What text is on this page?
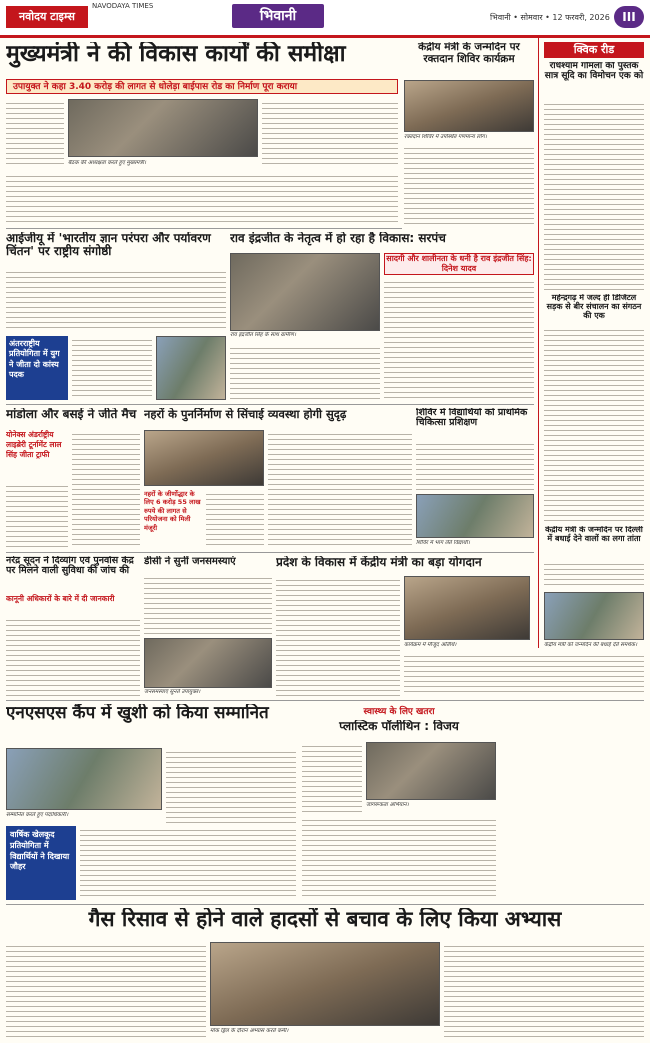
नवोदय टाइम्स
NAVODAYA TIMES
भिवानी	भिवानी • सोमवार • 12 फरवरी, 2026	III
मुख्यमंत्री ने की विकास कार्यों की समीक्षा
उपायुक्त ने कहा 3.40 करोड़ की लागत से धोलेड़ा बाईपास रोड का निर्माण पूरा कराया
बैठक की अध्यक्षता करते हुए मुख्यमंत्री।
केंद्रीय मंत्री के जन्मदिन पर रक्तदान शिविर कार्यक्रम
रक्तदान शिविर में उपस्थित गणमान्य लोग।
क्विक रीड
राधेश्याम गोमला की पुस्तक सात्र सूदि का विमोचन एक को
महेन्द्रगढ़ में जल्द ही डिजिटल सड़क से बीर संचालन का संगठन की एक
केंद्रीय मंत्री के जन्मदिन पर दिल्ली में बधाई देने वालों का लगा तांता
केंद्रीय मंत्री को जन्मदिन की बधाई देते समर्थक।
आईजीयू में 'भारतीय ज्ञान परंपरा और पर्यावरण चिंतन' पर राष्ट्रीय संगोष्ठी
अंतरराष्ट्रीय प्रतियोगिता में युग ने जीता दो कांस्य पदक
राव इंद्रजीत के नेतृत्व में हो रहा है विकास: सरपंच
राव इंद्रजीत सिंह के साथ ग्रामीण।
सादगी और शालीनता के धनी है राव इंद्रजीत सिंह: दिनेश यादव
मांडोला और बसई ने जीते मैच
योनेक्स अंडर्राष्ट्रीय लाइब्रेरी टूर्नामेंट लाल सिंह जीता ट्राफी
नहरों के पुनर्निर्माण से सिंचाई व्यवस्था होगी सुदृढ़
नहरों के जीर्णोद्धार के लिए 6 करोड़ 55 लाख रुपये की लागत से परियोजना को मिली मंजूरी
शिविर में विद्यार्थियों को प्राथमिक चिकित्सा प्रशिक्षण
शिविर में भाग लेते विद्यार्थी।
नरेंद्र सूदन ने दिव्यांग एवं पुनर्वास केंद्र पर मिलने वाली सुविधा की जांच की
कानूनी अधिकारों के बारे में दी जानकारी
डीसी ने सुनीं जनसमस्याएं
जनसमस्याएं सुनते उपायुक्त।
प्रदेश के विकास में केंद्रीय मंत्री का बड़ा योगदान
कार्यक्रम में मौजूद अतिथि।
एनएसएस कैंप में खुशी को किया सम्मानित
सम्मानित करते हुए पदाधिकारी।
वार्षिक खेलकूद प्रतियोगिता में विद्यार्थियों ने दिखाया जौहर
स्वास्थ्य के लिए खतरा
प्लास्टिक पॉलीथिन : विजय
जागरूकता अभियान।
गैस रिसाव से होने वाले हादसों से बचाव के लिए किया अभ्यास
मॉक ड्रिल के दौरान अभ्यास करते कर्मी।
